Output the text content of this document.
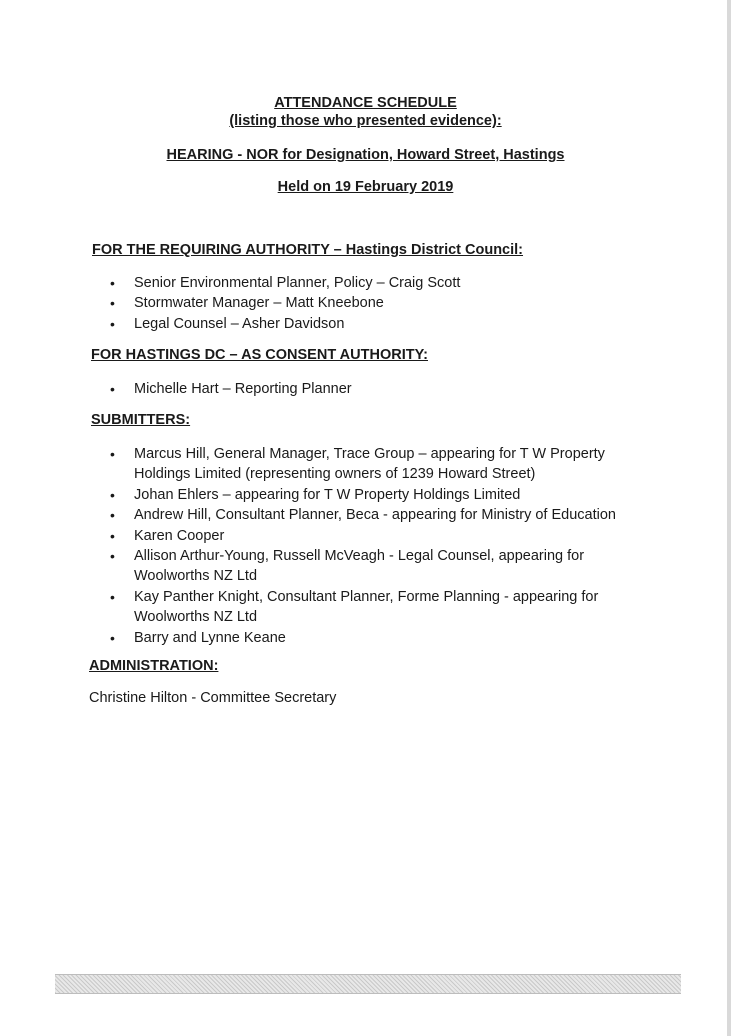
ATTENDANCE SCHEDULE
(listing those who presented evidence):
HEARING - NOR for Designation, Howard Street, Hastings
Held on 19 February 2019
FOR THE REQUIRING AUTHORITY – Hastings District Council:
• Senior Environmental Planner, Policy – Craig Scott
• Stormwater Manager – Matt Kneebone
• Legal Counsel – Asher Davidson
FOR HASTINGS DC – AS CONSENT AUTHORITY:
• Michelle Hart – Reporting Planner
SUBMITTERS:
• Marcus Hill, General Manager, Trace Group – appearing for T W Property Holdings Limited (representing owners of 1239 Howard Street)
• Johan Ehlers – appearing for T W Property Holdings Limited
• Andrew Hill, Consultant Planner, Beca - appearing for Ministry of Education
• Karen Cooper
• Allison Arthur-Young, Russell McVeagh - Legal Counsel, appearing for Woolworths NZ Ltd
• Kay Panther Knight, Consultant Planner, Forme Planning - appearing for Woolworths NZ Ltd
• Barry and Lynne Keane
ADMINISTRATION:
Christine Hilton - Committee Secretary
